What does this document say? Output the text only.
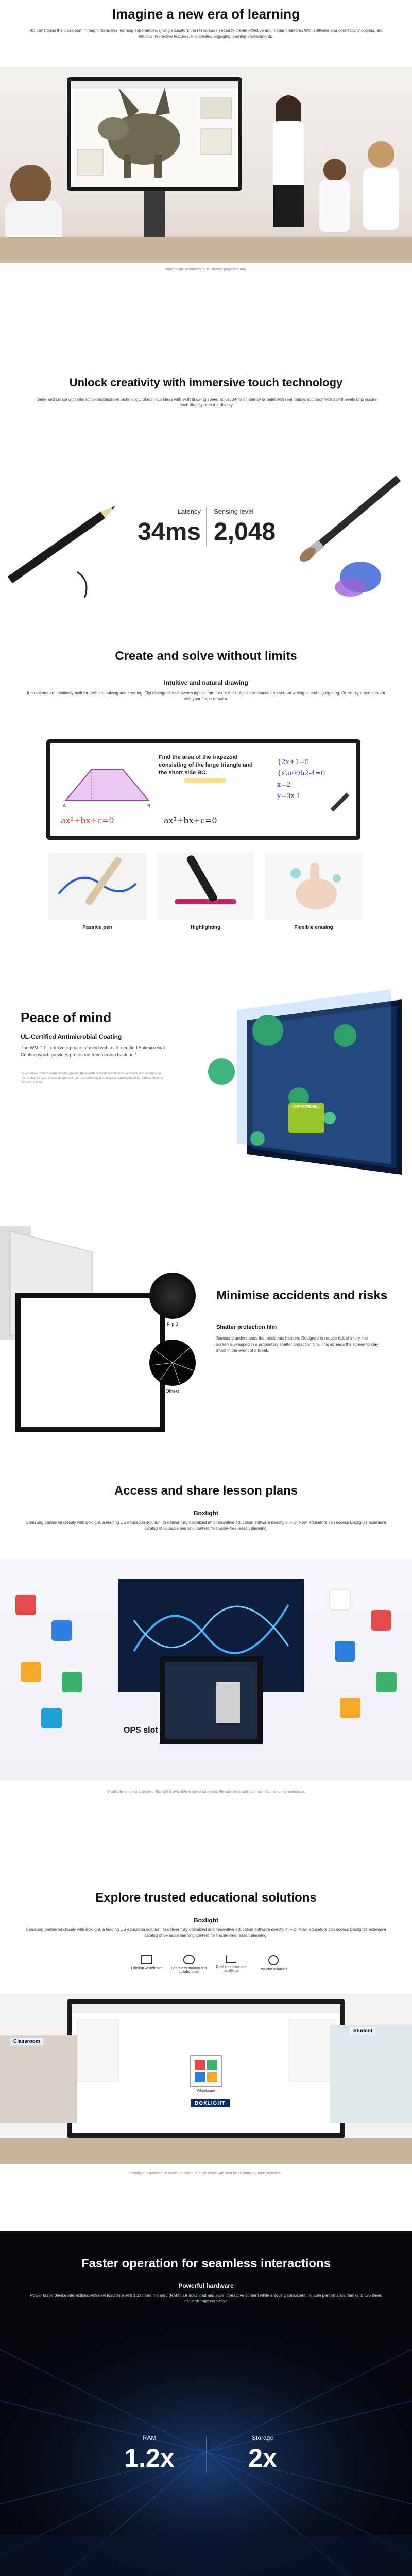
Imagine a new era of learning

Flip transforms the classroom through interactive learning experiences, giving educators the resources needed to create effective and modern lessons. With software and connectivity options, and intuitive interactive features, Flip creates engaging learning environments.

*Images are simulated for illustrative purposes only.
Unlock creativity with immersive touch technology

Ideate and create with interactive touchscreen technology. Sketch out ideas with swift drawing speed at just 34ms of latency or paint with real natural accuracy with 2,048 levels of pressure touch directly onto the display.

Latency
34ms
Sensing level
2,048
Create and solve without limits
Intuitive and natural drawing

Interactions are intuitively built for problem-solving and creating. Flip distinguishes between inputs from thin or thick objects to simulate on-screen writing or and highlighting. Or simply erase content with your finger or palm.

A	B
{2x+1=5
{x\u00b2-4=0
x=2
y=3x-1
Find the area of the trapezoid consisting of the large triangle and the short side BC.
ax²+bx+c=0	ax²+bx+c=0
Passive pen	Highlighting	Flexible erasing
ANTIMICROBIAL
Peace of mind
UL-Certified Antimicrobial Coating

The WM-T Flip delivers peace of mind with a UL-certified Antimicrobial Coating which provides protection from certain bacteria.*

* The antimicrobial treatment helps prevent the growth of bacteria that cause odor and discoloration on the display surface. It does not protect users or others against disease-causing bacteria, viruses or other microorganisms.

Flip 3
Others
Minimise accidents and risks
Shatter protection film

Samsung understands that accidents happen. Designed to reduce risk of injury, the screen is wrapped in a proprietary shatter protection film. This spreads the screen to stay intact in the event of a break.

Access and share lesson plans
Boxlight

Samsung partnered closely with Boxlight, a leading US education solution, to deliver fully optimized and innovative education software directly in Flip. Now, educators can access Boxlight's extensive catalog of versatile learning content for hassle-free lesson planning.

OPS slot
*Available for specific models. Boxlight is available in select countries. Please check with your local Samsung representative.
Explore trusted educational solutions
Boxlight

Samsung partnered closely with Boxlight, a leading US education solution, to deliver fully optimized and innovative education software directly in Flip. Now, educators can access Boxlight's extensive catalog of versatile learning content for hassle-free lesson planning.

Efficient whiteboard	Seamless sharing and collaboration
Real-time data and analytics	Pro-ctor solutions
Classroom
Student
Whiteboard
BOXLIGHT
*Boxlight is available in select countries. Please check with your local Samsung representative.
Faster operation for seamless interactions
Powerful hardware

Power faster device interactions with new load time with 1.2x more memory (RAM). Or download and save interactive content while enjoying consistent, reliable performance thanks to two times more storage capacity.*

RAM
1.2x
Storage
2x
